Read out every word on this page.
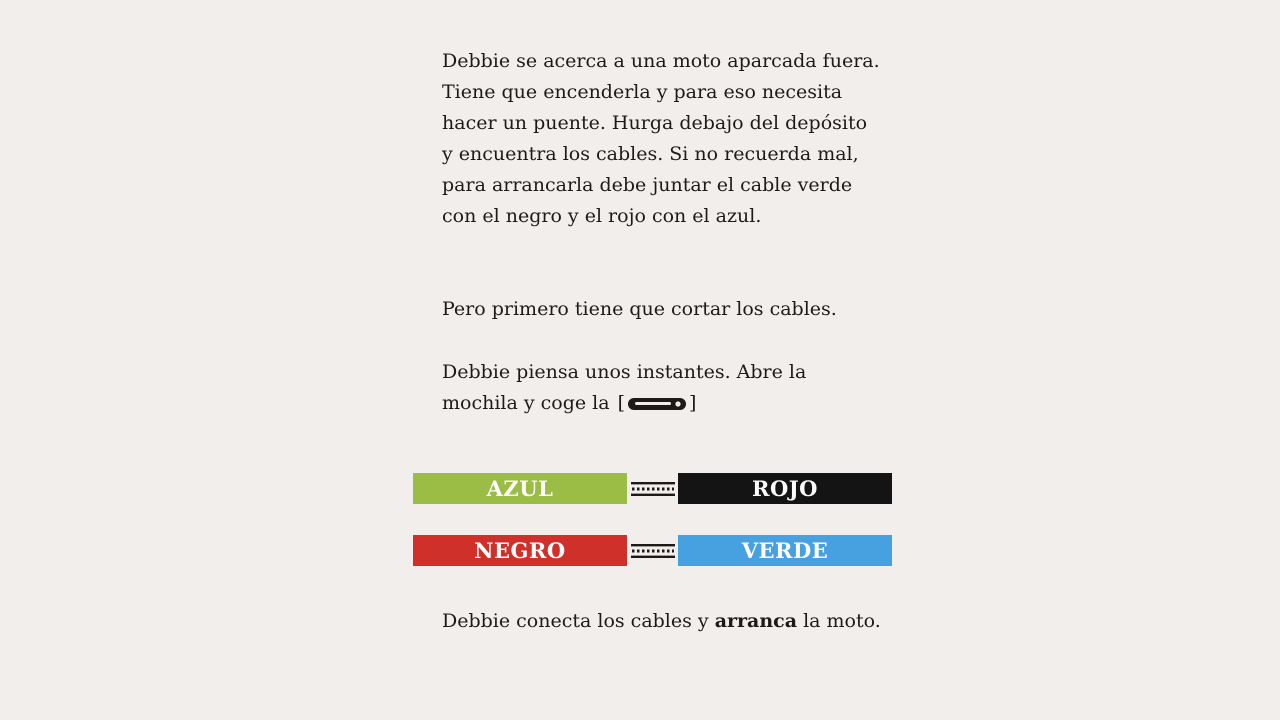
Debbie se acerca a una moto aparcada fuera. Tiene que encenderla y para eso necesita hacer un puente. Hurga debajo del depósito y encuentra los cables. Si no recuerda mal, para arrancarla debe juntar el cable verde con el negro y el rojo con el azul.

Pero primero tiene que cortar los cables.

Debbie piensa unos instantes. Abre la mochila y coge la [	]

AZUL	ROJO
NEGRO	VERDE

Debbie conecta los cables y arranca la moto.
